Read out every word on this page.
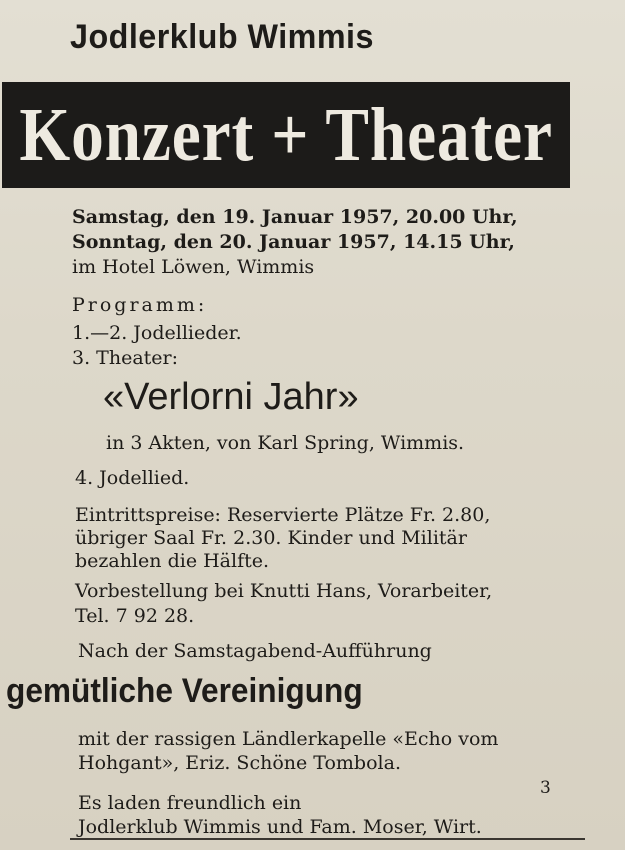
Jodlerklub Wimmis
Konzert + Theater
Samstag, den 19. Januar 1957, 20.00 Uhr,
Sonntag, den 20. Januar 1957, 14.15 Uhr,
im Hotel Löwen, Wimmis
Programm:
1.—2. Jodellieder.
3. Theater:
«Verlorni Jahr»
in 3 Akten, von Karl Spring, Wimmis.
4. Jodellied.
Eintrittspreise: Reservierte Plätze Fr. 2.80,
übriger Saal Fr. 2.30. Kinder und Militär
bezahlen die Hälfte.
Vorbestellung bei Knutti Hans, Vorarbeiter,
Tel. 7 92 28.
Nach der Samstagabend-Aufführung
gemütliche Vereinigung
mit der rassigen Ländlerkapelle «Echo vom
Hohgant», Eriz. Schöne Tombola.
3
Es laden freundlich ein
Jodlerklub Wimmis und Fam. Moser, Wirt.
